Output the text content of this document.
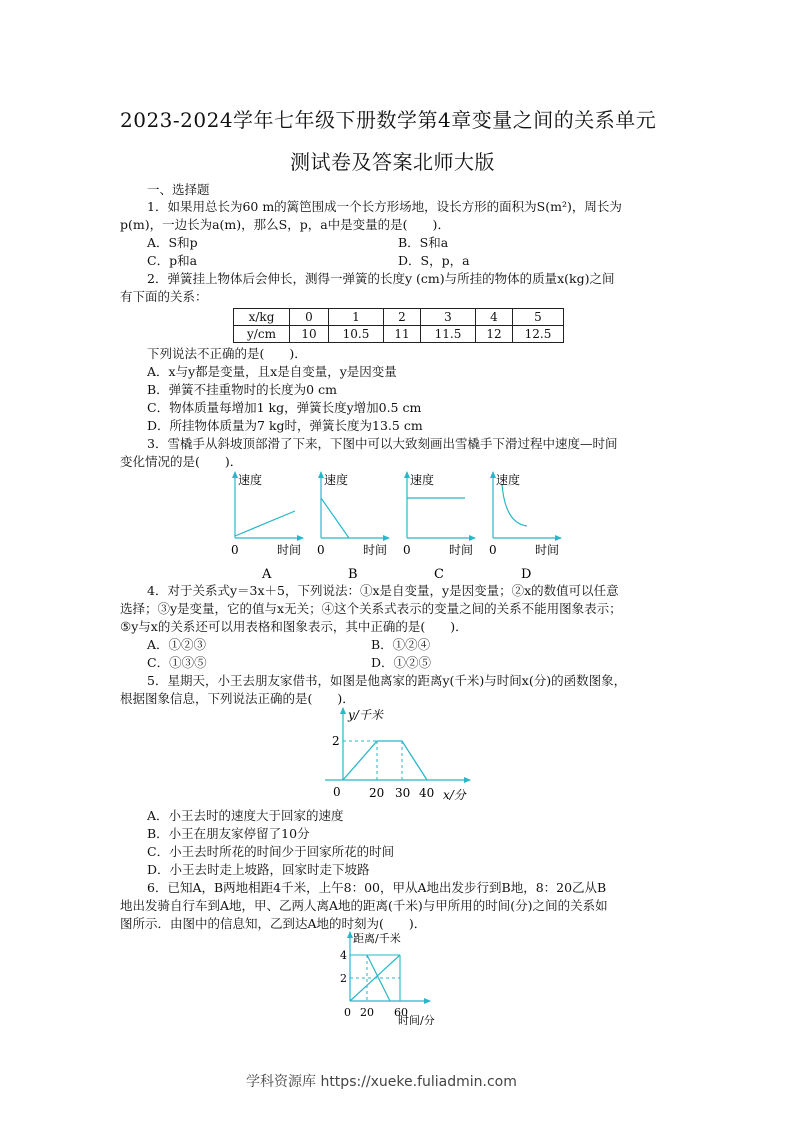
2023-2024学年七年级下册数学第4章变量之间的关系单元
测试卷及答案北师大版
一、选择题
1．如果用总长为60 m的篱笆围成一个长方形场地，设长方形的面积为S(m²)，周长为
p(m)，一边长为a(m)，那么S，p，a中是变量的是(　　)．
A．S和p	B．S和a
C．p和a	D．S，p，a
2．弹簧挂上物体后会伸长，测得一弹簧的长度y (cm)与所挂的物体的质量x(kg)之间
有下面的关系：
x/kg	0	1	2	3	4	5
y/cm	10	10.5	11	11.5	12	12.5
下列说法不正确的是(　　)．
A．x与y都是变量，且x是自变量，y是因变量
B．弹簧不挂重物时的长度为0 cm
C．物体质量每增加1 kg，弹簧长度y增加0.5 cm
D．所挂物体质量为7 kg时，弹簧长度为13.5 cm
3．雪橇手从斜坡顶部滑了下来，下图中可以大致刻画出雪橇手下滑过程中速度—时间
变化情况的是(　　)．
速度
0	时间
A
速度
0	时间
B
速度
0	时间
C
速度
0	时间
D
4．对于关系式y＝3x＋5，下列说法：①x是自变量，y是因变量；②x的数值可以任意
选择；③y是变量，它的值与x无关；④这个关系式表示的变量之间的关系不能用图象表示；
⑤y与x的关系还可以用表格和图象表示，其中正确的是(　　)．
A．①②③	B．①②④
C．①③⑤	D．①②⑤
5．星期天，小王去朋友家借书，如图是他离家的距离y(千米)与时间x(分)的函数图象，
根据图象信息，下列说法正确的是(　　)．
y/千米
2
0 20 30 40 x/分
A．小王去时的速度大于回家的速度
B．小王在朋友家停留了10分
C．小王去时所花的时间少于回家所花的时间
D．小王去时走上坡路，回家时走下坡路
6．已知A，B两地相距4千米，上午8：00，甲从A地出发步行到B地，8：20乙从B
地出发骑自行车到A地，甲、乙两人离A地的距离(千米)与甲所用的时间(分)之间的关系如
图所示．由图中的信息知，乙到达A地的时刻为(　　)．
距离/千米
4
2
0 20 60
时间/分
学科资源库 https://xueke.fuliadmin.com
